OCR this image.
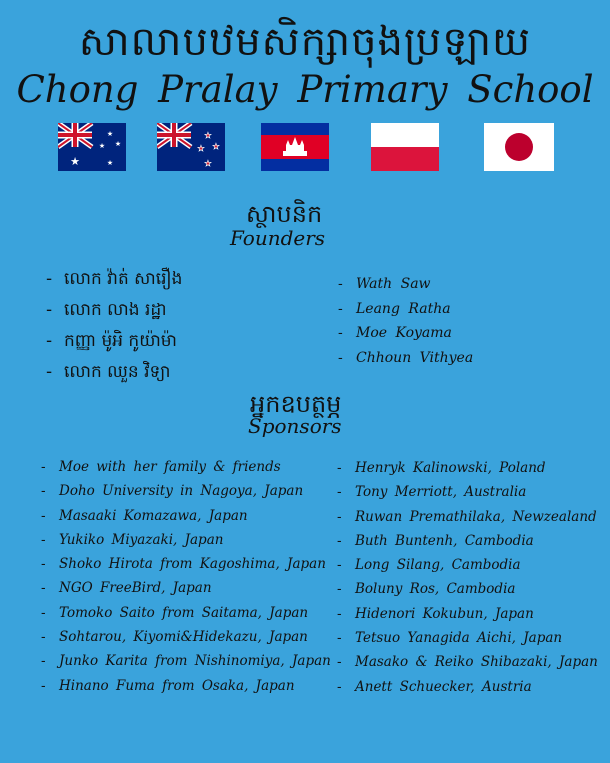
សាលាបឋមសិក្សាចុងប្រឡាយ
Chong Pralay Primary School
★
★
★ ★
★
★
★ ★
★
ស្ថាបនិក
Founders
- លោក វ៉ាត់ សារឿង
- លោក លាង រដ្ឋា
- កញ្ញា ម៉ូអិ កូយ៉ាម៉ា
- លោក ឈួន វិទ្យា
- Wath Saw
- Leang Ratha
- Moe Koyama
- Chhoun Vithyea
អ្នកឧបត្ថម្ភ
Sponsors
- Moe with her family & friends
- Doho University in Nagoya, Japan
- Masaaki Komazawa, Japan
- Yukiko Miyazaki, Japan
- Shoko Hirota from Kagoshima, Japan
- NGO FreeBird, Japan
- Tomoko Saito from Saitama, Japan
- Sohtarou, Kiyomi&Hidekazu, Japan
- Junko Karita from Nishinomiya, Japan
- Hinano Fuma from Osaka, Japan
- Henryk Kalinowski, Poland
- Tony Merriott, Australia
- Ruwan Premathilaka, Newzealand
- Buth Buntenh, Cambodia
- Long Silang, Cambodia
- Boluny Ros, Cambodia
- Hidenori Kokubun, Japan
- Tetsuo Yanagida Aichi, Japan
- Masako & Reiko Shibazaki, Japan
- Anett Schuecker, Austria
